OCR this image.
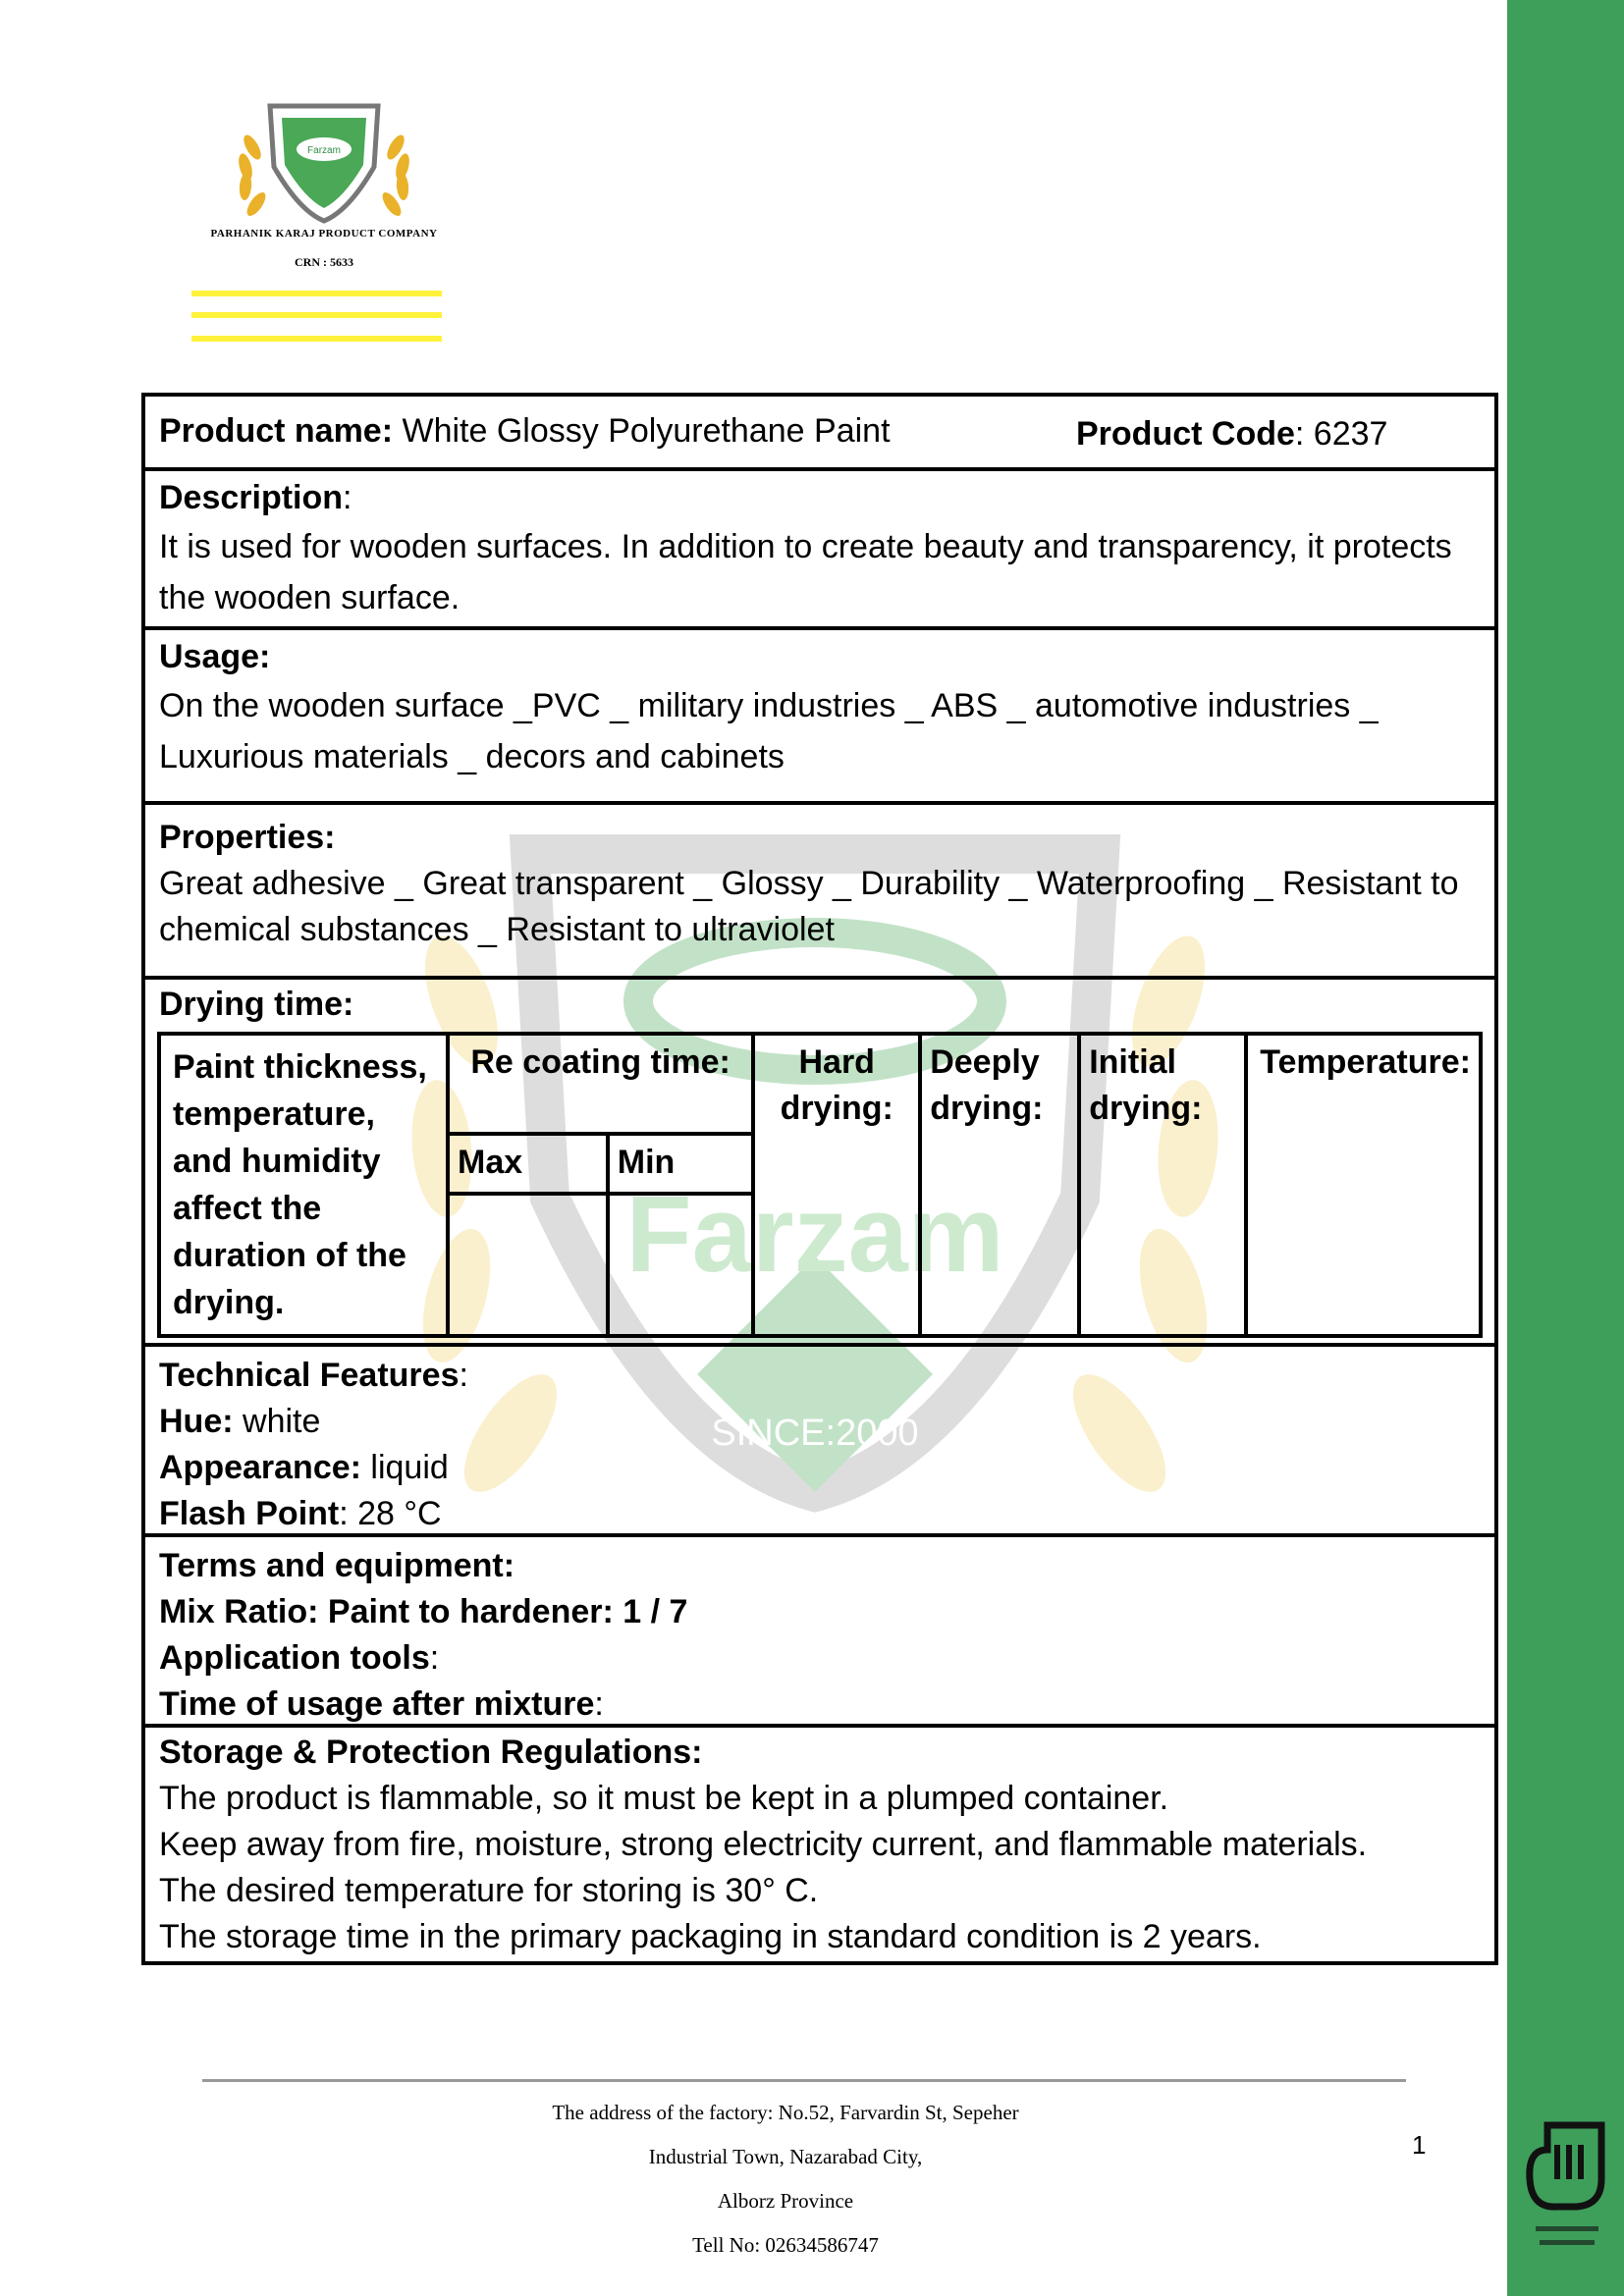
Farzam
PARHANIK KARAJ PRODUCT COMPANY
CRN : 5633
Farzam
SINCE:2000
Product name: White Glossy Polyurethane Paint	Product Code: 6237
Description:
It is used for wooden surfaces. In addition to create beauty and transparency, it protects the wooden surface.
Usage:
On the wooden surface _PVC _ military industries _ ABS _ automotive industries _ Luxurious materials _ decors and cabinets
Properties:
Great adhesive _ Great transparent _ Glossy _ Durability _ Waterproofing _ Resistant to chemical substances _ Resistant to ultraviolet
Drying time:
Paint thickness, temperature, and humidity affect the duration of the drying.	Re coating time:		Hard drying:	Deeply drying:	Initial drying:	Temperature:
	Max	Min				

Technical Features:
Hue: white
Appearance: liquid
Flash Point: 28 °C
Terms and equipment:
Mix Ratio: Paint to hardener: 1 / 7
Application tools:
Time of usage after mixture:
Storage & Protection Regulations:
The product is flammable, so it must be kept in a plumped container.
Keep away from fire, moisture, strong electricity current, and flammable materials.
The desired temperature for storing is 30° C.
The storage time in the primary packaging in standard condition is 2 years.
The address of the factory: No.52, Farvardin St, Sepeher
Industrial Town, Nazarabad City,
Alborz Province
Tell No: 02634586747
1
